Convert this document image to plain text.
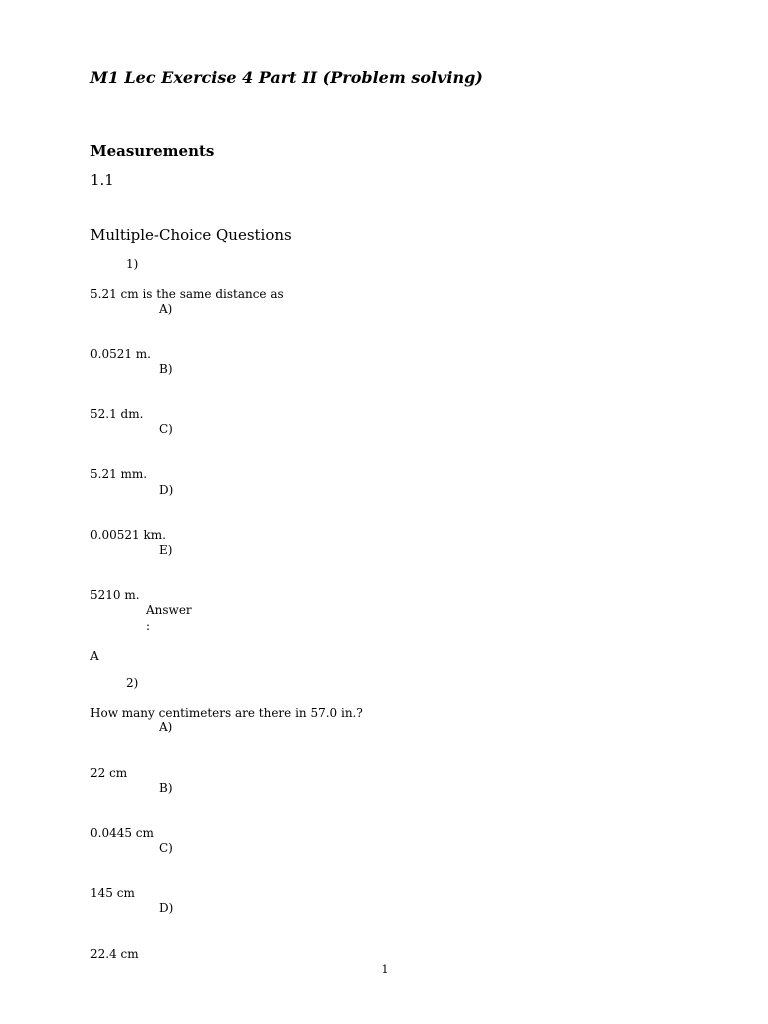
M1 Lec Exercise 4 Part II (Problem solving)
Measurements
1.1
Multiple-Choice Questions
1)
5.21 cm is the same distance as
A)
0.0521 m.
B)
52.1 dm.
C)
5.21 mm.
D)
0.00521 km.
E)
5210 m.
Answer
:
A
2)
How many centimeters are there in 57.0 in.?
A)
22 cm
B)
0.0445 cm
C)
145 cm
D)
22.4 cm
1
